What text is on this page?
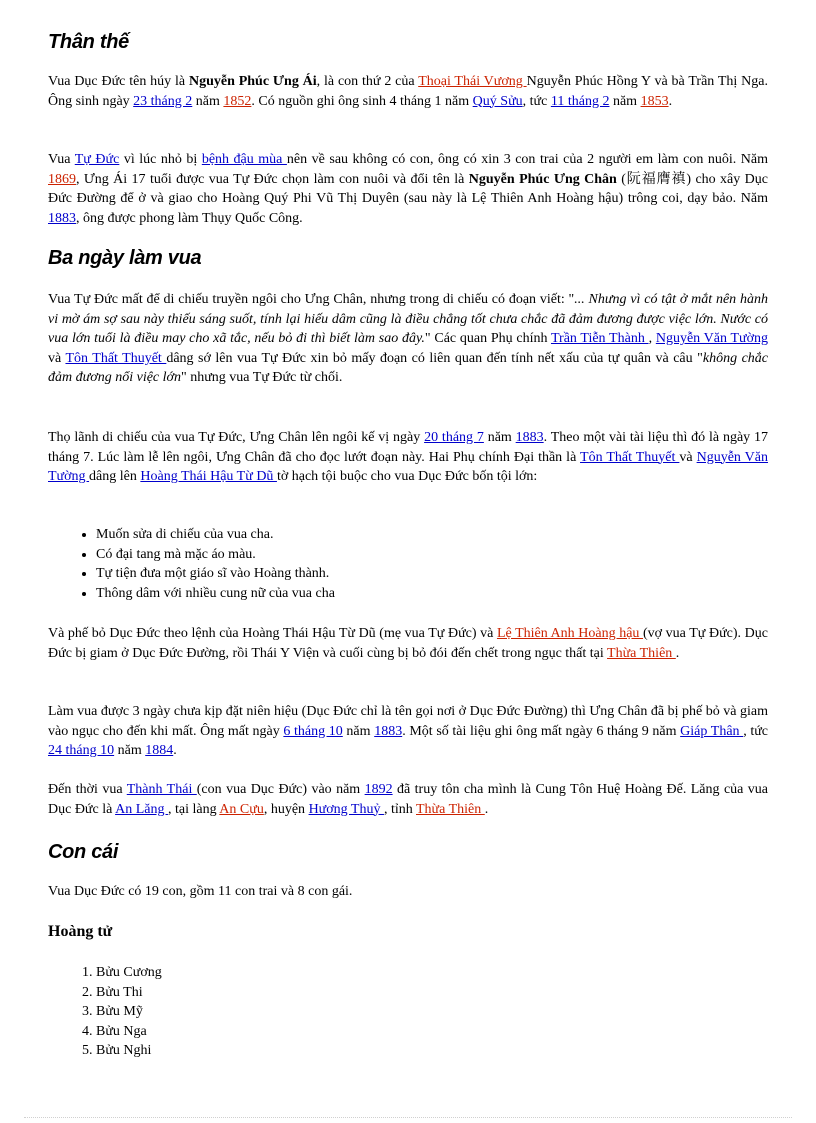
Thân thế

Vua Dục Đức tên húy là Nguyễn Phúc Ưng Ái, là con thứ 2 của Thoại Thái Vương Nguyễn Phúc Hồng Y và bà Trần Thị Nga. Ông sinh ngày 23 tháng 2 năm 1852. Có nguồn ghi ông sinh 4 tháng 1 năm Quý Sửu, tức 11 tháng 2 năm 1853.

Vua Tự Đức vì lúc nhỏ bị bệnh đậu mùa nên về sau không có con, ông có xin 3 con trai của 2 người em làm con nuôi. Năm 1869, Ưng Ái 17 tuổi được vua Tự Đức chọn làm con nuôi và đổi tên là Nguyễn Phúc Ưng Chân (阮福膺禛) cho xây Dục Đức Đường để ở và giao cho Hoàng Quý Phi Vũ Thị Duyên (sau này là Lệ Thiên Anh Hoàng hậu) trông coi, dạy bảo. Năm 1883, ông được phong làm Thụy Quốc Công.

Ba ngày làm vua

Vua Tự Đức mất để di chiếu truyền ngôi cho Ưng Chân, nhưng trong di chiếu có đoạn viết: "... Nhưng vì có tật ở mắt nên hành vi mờ ám sợ sau này thiếu sáng suốt, tính lại hiếu dâm cũng là điều chẳng tốt chưa chắc đã đảm đương được việc lớn. Nước có vua lớn tuổi là điều may cho xã tắc, nếu bỏ đi thì biết làm sao đây." Các quan Phụ chính Trần Tiễn Thành , Nguyễn Văn Tường và Tôn Thất Thuyết dâng sớ lên vua Tự Đức xin bỏ mấy đoạn có liên quan đến tính nết xấu của tự quân và câu "không chắc đảm đương nổi việc lớn" nhưng vua Tự Đức từ chối.

Thọ lãnh di chiếu của vua Tự Đức, Ưng Chân lên ngôi kế vị ngày 20 tháng 7 năm 1883. Theo một vài tài liệu thì đó là ngày 17 tháng 7. Lúc làm lễ lên ngôi, Ưng Chân đã cho đọc lướt đoạn này. Hai Phụ chính Đại thần là Tôn Thất Thuyết và Nguyễn Văn Tường dâng lên Hoàng Thái Hậu Từ Dũ tờ hạch tội buộc cho vua Dục Đức bốn tội lớn:

• Muốn sửa di chiếu của vua cha.
• Có đại tang mà mặc áo màu.
• Tự tiện đưa một giáo sĩ vào Hoàng thành.
• Thông dâm với nhiều cung nữ của vua cha

Và phế bỏ Dục Đức theo lệnh của Hoàng Thái Hậu Từ Dũ (mẹ vua Tự Đức) và Lệ Thiên Anh Hoàng hậu (vợ vua Tự Đức). Dục Đức bị giam ở Dục Đức Đường, rồi Thái Y Viện và cuối cùng bị bỏ đói đến chết trong ngục thất tại Thừa Thiên .

Làm vua được 3 ngày chưa kịp đặt niên hiệu (Dục Đức chỉ là tên gọi nơi ở Dục Đức Đường) thì Ưng Chân đã bị phế bỏ và giam vào ngục cho đến khi mất. Ông mất ngày 6 tháng 10 năm 1883. Một số tài liệu ghi ông mất ngày 6 tháng 9 năm Giáp Thân , tức 24 tháng 10 năm 1884.

Đến thời vua Thành Thái (con vua Dục Đức) vào năm 1892 đã truy tôn cha mình là Cung Tôn Huệ Hoàng Đế. Lăng của vua Dục Đức là An Lăng , tại làng An Cựu, huyện Hương Thuỷ , tỉnh Thừa Thiên .

Con cái

Vua Dục Đức có 19 con, gồm 11 con trai và 8 con gái.

Hoàng tử
1. Bửu Cương
2. Bửu Thi
3. Bửu Mỹ
4. Bửu Nga
5. Bửu Nghi
